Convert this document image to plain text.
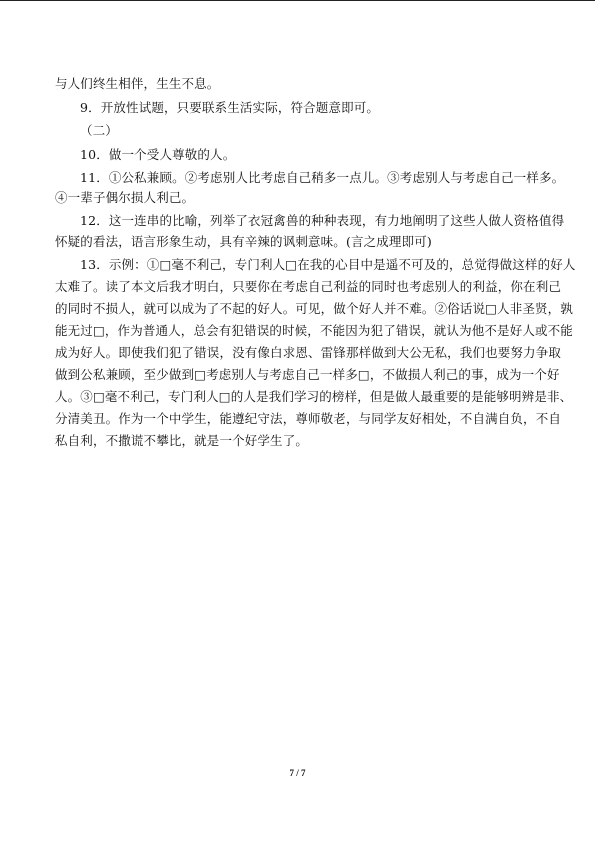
与人们终生相伴，生生不息。
9．开放性试题，只要联系生活实际，符合题意即可。
（二）
10．做一个受人尊敬的人。
11．①公私兼顾。②考虑别人比考虑自己稍多一点儿。③考虑别人与考虑自己一样多。
④一辈子偶尔损人利己。
12．这一连串的比喻，列举了衣冠禽兽的种种表现，有力地阐明了这些人做人资格值得
怀疑的看法，语言形象生动，具有辛辣的讽刺意味。(言之成理即可)
13．示例：①□毫不利己，专门利人□在我的心目中是遥不可及的，总觉得做这样的好人
太难了。读了本文后我才明白，只要你在考虑自己利益的同时也考虑别人的利益，你在利己
的同时不损人，就可以成为了不起的好人。可见，做个好人并不难。②俗话说□人非圣贤，孰
能无过□，作为普通人，总会有犯错误的时候，不能因为犯了错误，就认为他不是好人或不能
成为好人。即使我们犯了错误，没有像白求恩、雷锋那样做到大公无私，我们也要努力争取
做到公私兼顾，至少做到□考虑别人与考虑自己一样多□，不做损人利己的事，成为一个好
人。③□毫不利己，专门利人□的人是我们学习的榜样，但是做人最重要的是能够明辨是非、
分清美丑。作为一个中学生，能遵纪守法，尊师敬老，与同学友好相处，不自满自负，不自
私自利，不撒谎不攀比，就是一个好学生了。
7 / 7
